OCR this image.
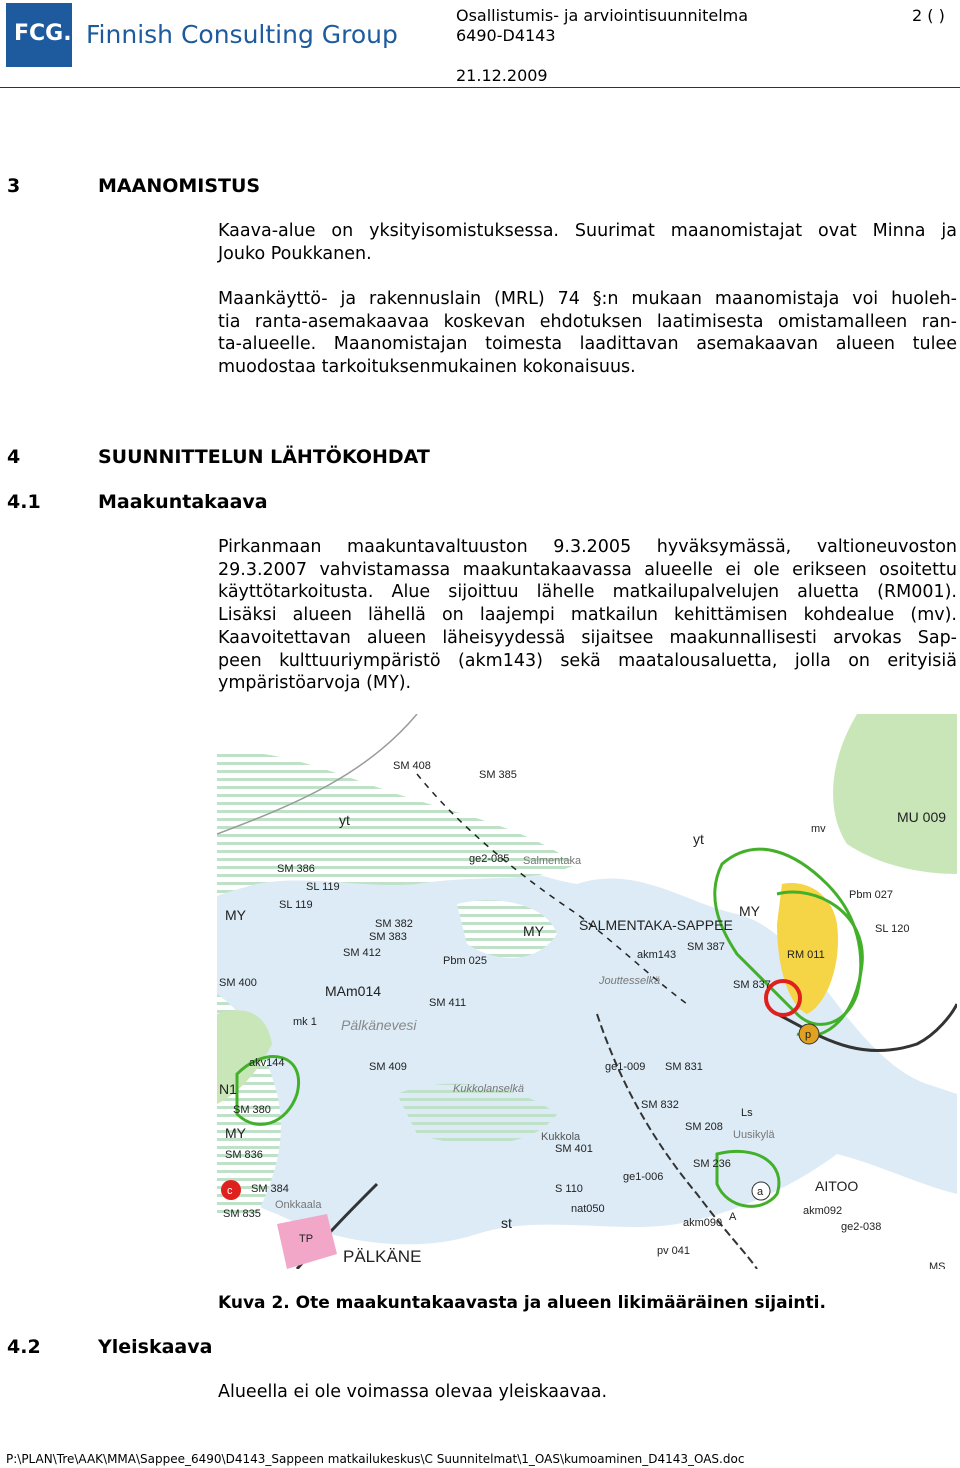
FCG. Finnish Consulting Group
Osallistumis- ja arviointisuunnitelma	2 ( )
6490-D4143
21.12.2009
3	MAANOMISTUS
Kaava-alue on yksityisomistuksessa. Suurimat maanomistajat ovat Minna ja
Jouko Poukkanen.
Maankäyttö- ja rakennuslain (MRL) 74 §:n mukaan maanomistaja voi huoleh-
tia ranta-asemakaavaa koskevan ehdotuksen laatimisesta omistamalleen ran-
ta-alueelle. Maanomistajan toimesta laadittavan asemakaavan alueen tulee
muodostaa tarkoituksenmukainen kokonaisuus.
4	SUUNNITTELUN LÄHTÖKOHDAT
4.1	Maakuntakaava
Pirkanmaan maakuntavaltuuston 9.3.2005 hyväksymässä, valtioneuvoston
29.3.2007 vahvistamassa maakuntakaavassa alueelle ei ole erikseen osoitettu
käyttötarkoitusta. Alue sijoittuu lähelle matkailupalvelujen aluetta (RM001).
Lisäksi alueen lähellä on laajempi matkailun kehittämisen kohdealue (mv).
Kaavoitettavan alueen läheisyydessä sijaitsee maakunnallisesti arvokas Sap-
peen kulttuuriympäristö (akm143) sekä maatalousaluetta, jolla on erityisiä
ympäristöarvoja (MY).
SM 408
SM 385
yt
yt
mv
MU 009
SM 386
ge2-085 Salmentaka
SL 119
SL 119
MY
MY
MY
MY
SM 382
SM 383
SM 412
Pbm 025
SALMENTAKA-SAPPEE
akm143
SM 387
Pbm 027
SL 120
RM 011
SM 400	MAm014
SM 411
Jouttesselkä	SM 837
mk 1 Pälkänevesi
p
akv144	SM 409	ge1-009 SM 831
N1	Kukkolanselkä
SM 380	SM 832
Ls
SM 208
Uusikylä
Kukkola
SM 401
SM 836
SM 236
ge1-006
c SM 384	S 110	a	AITOO
Onkkaala
SM 835	nat050	akm092
A
st	akm090	ge2-038
TP
PÄLKÄNE	pv 041
MS
Kuva 2. Ote maakuntakaavasta ja alueen likimääräinen sijainti.
4.2	Yleiskaava
Alueella ei ole voimassa olevaa yleiskaavaa.
P:\PLAN\Tre\AAK\MMA\Sappee_6490\D4143_Sappeen matkailukeskus\C Suunnitelmat\1_OAS\kumoaminen_D4143_OAS.doc
